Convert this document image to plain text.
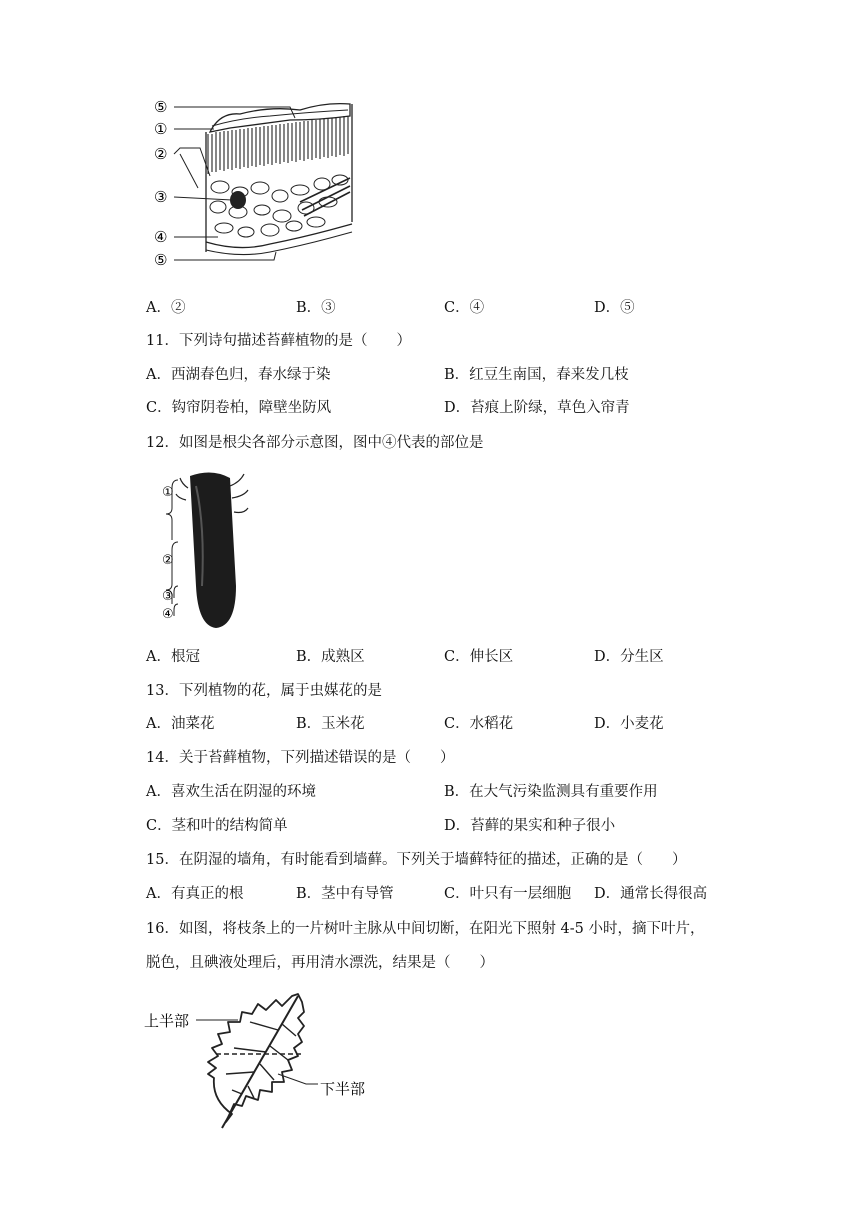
⑤
①
②
③
④
⑤
A．②	B．③	C．④	D．⑤
11．下列诗句描述苔藓植物的是（　　）
A．西湖春色归，春水绿于染	B．红豆生南国，春来发几枝
C．钩帘阴卷柏，障壁坐防风	D．苔痕上阶绿，草色入帘青
12．如图是根尖各部分示意图，图中④代表的部位是
①
②
③
④
A．根冠	B．成熟区	C．伸长区	D．分生区
13．下列植物的花，属于虫媒花的是
A．油菜花	B．玉米花	C．水稻花	D．小麦花
14．关于苔藓植物，下列描述错误的是（　　）
A．喜欢生活在阴湿的环境	B．在大气污染监测具有重要作用
C．茎和叶的结构简单	D．苔藓的果实和种子很小
15．在阴湿的墙角，有时能看到墙藓。下列关于墙藓特征的描述，正确的是（　　）
A．有真正的根	B．茎中有导管	C．叶只有一层细胞 D．通常长得很高
16．如图，将枝条上的一片树叶主脉从中间切断，在阳光下照射 4-5 小时，摘下叶片，
脱色，且碘液处理后，再用清水漂洗，结果是（　　）
上半部
下半部
